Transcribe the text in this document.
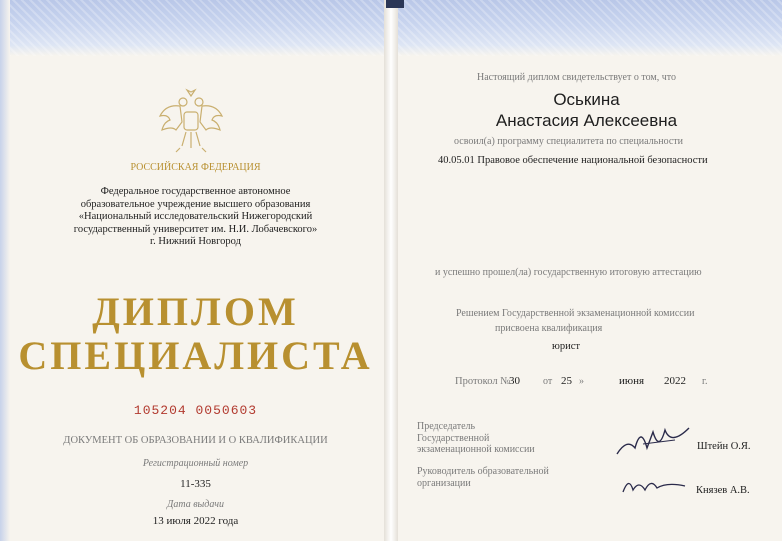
РОССИЙСКАЯ ФЕДЕРАЦИЯ
Федеральное государственное автономное
образовательное учреждение высшего образования
«Национальный исследовательский Нижегородский
государственный университет им. Н.И. Лобачевского»
г. Нижний Новгород
ДИПЛОМ
СПЕЦИАЛИСТА
105204 0050603
ДОКУМЕНТ ОБ ОБРАЗОВАНИИ И О КВАЛИФИКАЦИИ
Регистрационный номер
11-335
Дата выдачи
13 июля 2022 года
Настоящий диплом свидетельствует о том, что
Оськина
Анастасия Алексеевна
освоил(а) программу специалитета по специальности
40.05.01 Правовое обеспечение национальной безопасности
и успешно прошел(ла) государственную итоговую аттестацию
Решением Государственной экзаменационной комиссии
присвоена квалификация
юрист
Протокол №
30 от 25 »	июня 2022 г.
Председатель
Государственной
экзаменационной комиссии	Штейн О.Я.
Руководитель образовательной
организации
Князев А.В.
